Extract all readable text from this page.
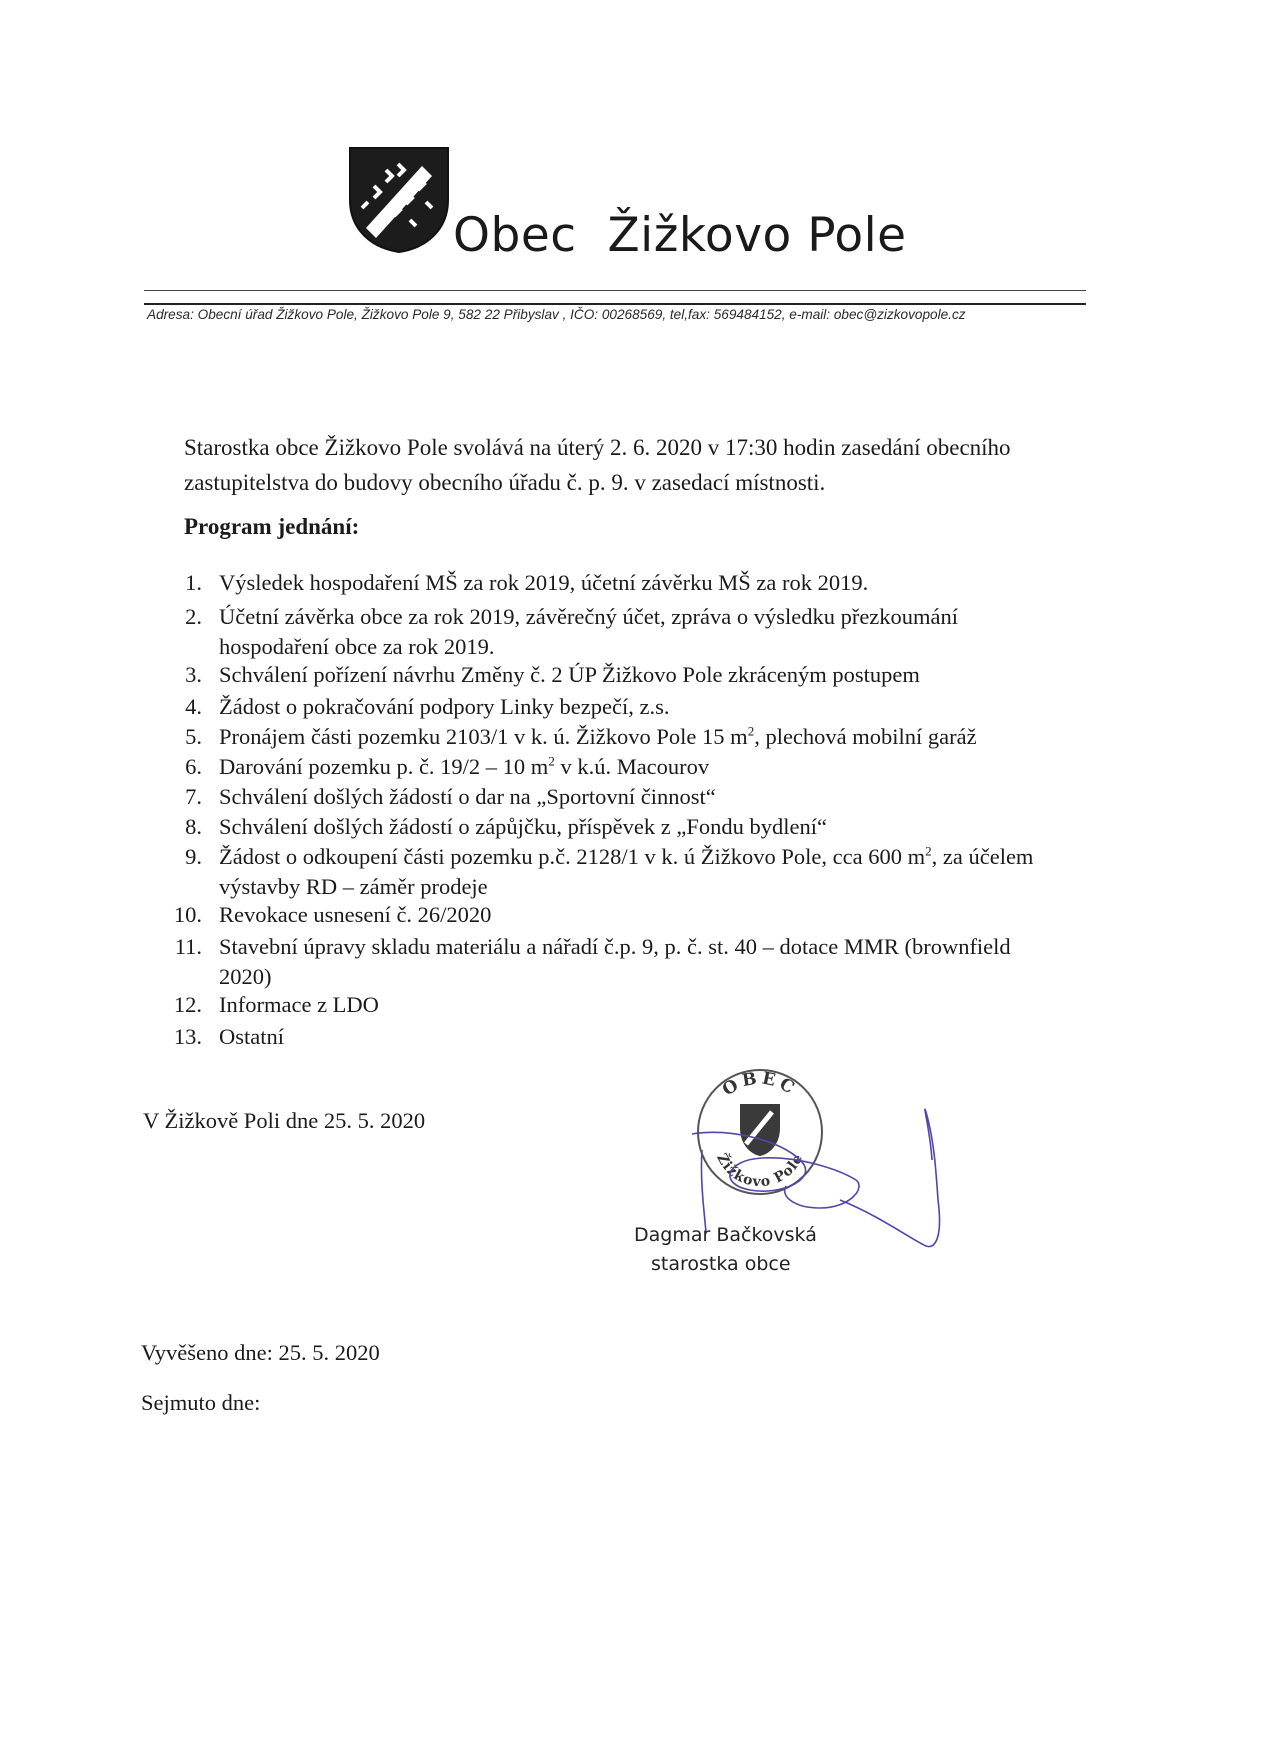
Obec  Žižkovo Pole
Adresa: Obecní úřad Žižkovo Pole, Žižkovo Pole 9, 582 22 Přibyslav , IČO: 00268569, tel,fax: 569484152, e-mail: obec@zizkovopole.cz
Starostka obce Žižkovo Pole svolává na úterý 2. 6. 2020 v 17:30 hodin zasedání obecního zastupitelstva do budovy obecního úřadu č. p. 9. v zasedací místnosti.
Program jednání:
1. Výsledek hospodaření MŠ za rok 2019, účetní závěrku MŠ za rok 2019.
2. Účetní závěrka obce za rok 2019, závěrečný účet, zpráva o výsledku přezkoumání
hospodaření obce za rok 2019.
3. Schválení pořízení návrhu Změny č. 2 ÚP Žižkovo Pole zkráceným postupem
4. Žádost o pokračování podpory Linky bezpečí, z.s.
5. Pronájem části pozemku 2103/1 v k. ú. Žižkovo Pole 15 $m^2$, plechová mobilní garáž
6. Darování pozemku p. č. 19/2 – 10 $m^2$ v k.ú. Macourov
7. Schválení došlých žádostí o dar na „Sportovní činnost“
8. Schválení došlých žádostí o zápůjčku, příspěvek z „Fondu bydlení“
9. Žádost o odkoupení části pozemku p.č. 2128/1 v k. ú Žižkovo Pole, cca 600 $m^2$, za účelem
výstavby RD – záměr prodeje
10. Revokace usnesení č. 26/2020
11. Stavební úpravy skladu materiálu a nářadí č.p. 9, p. č. st. 40 – dotace MMR (brownfield
2020)
12. Informace z LDO
13. Ostatní
V Žižkově Poli dne 25. 5. 2020
OBEC
Žižkovo Pole
Dagmar Bačkovská
starostka obce
Vyvěšeno dne: 25. 5. 2020
Sejmuto dne:
